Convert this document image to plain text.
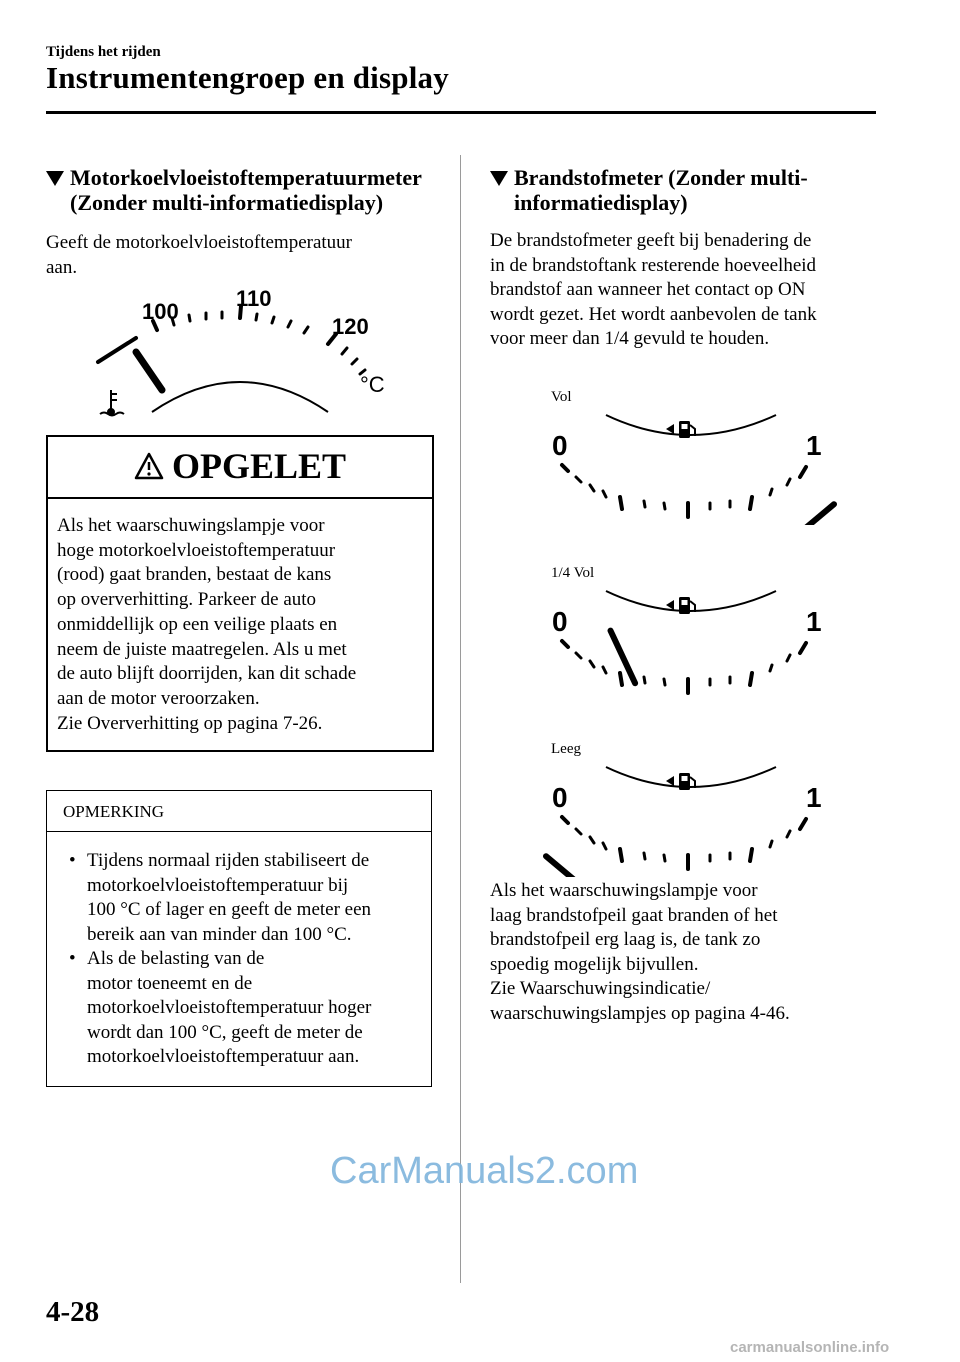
Tijdens het rijden
Instrumentengroep en display
Motorkoelvloeistoftemperatuurmeter
(Zonder multi-informatiedisplay)
Geeft de motorkoelvloeistoftemperatuur
aan.
100
110
120
°C
OPGELET
Als het waarschuwingslampje voor
hoge motorkoelvloeistoftemperatuur
(rood) gaat branden, bestaat de kans
op oververhitting. Parkeer de auto
onmiddellijk op een veilige plaats en
neem de juiste maatregelen. Als u met
de auto blijft doorrijden, kan dit schade
aan de motor veroorzaken.
Zie Oververhitting op pagina 7-26.
OPMERKING
• Tijdens normaal rijden stabiliseert de
motorkoelvloeistoftemperatuur bij
100 °C of lager en geeft de meter een
bereik aan van minder dan 100 °C.
• Als de belasting van de
motor toeneemt en de
motorkoelvloeistoftemperatuur hoger
wordt dan 100 °C, geeft de meter de
motorkoelvloeistoftemperatuur aan.
Brandstofmeter (Zonder multi-
informatiedisplay)
De brandstofmeter geeft bij benadering de
in de brandstoftank resterende hoeveelheid
brandstof aan wanneer het contact op ON
wordt gezet. Het wordt aanbevolen de tank
voor meer dan 1/4 gevuld te houden.
Vol
1/4 Vol
Leeg
0	1
0	1
0	1
Als het waarschuwingslampje voor
laag brandstofpeil gaat branden of het
brandstofpeil erg laag is, de tank zo
spoedig mogelijk bijvullen.
Zie Waarschuwingsindicatie/
waarschuwingslampjes op pagina 4-46.
CarManuals2.com
4-28
carmanualsonline.info
